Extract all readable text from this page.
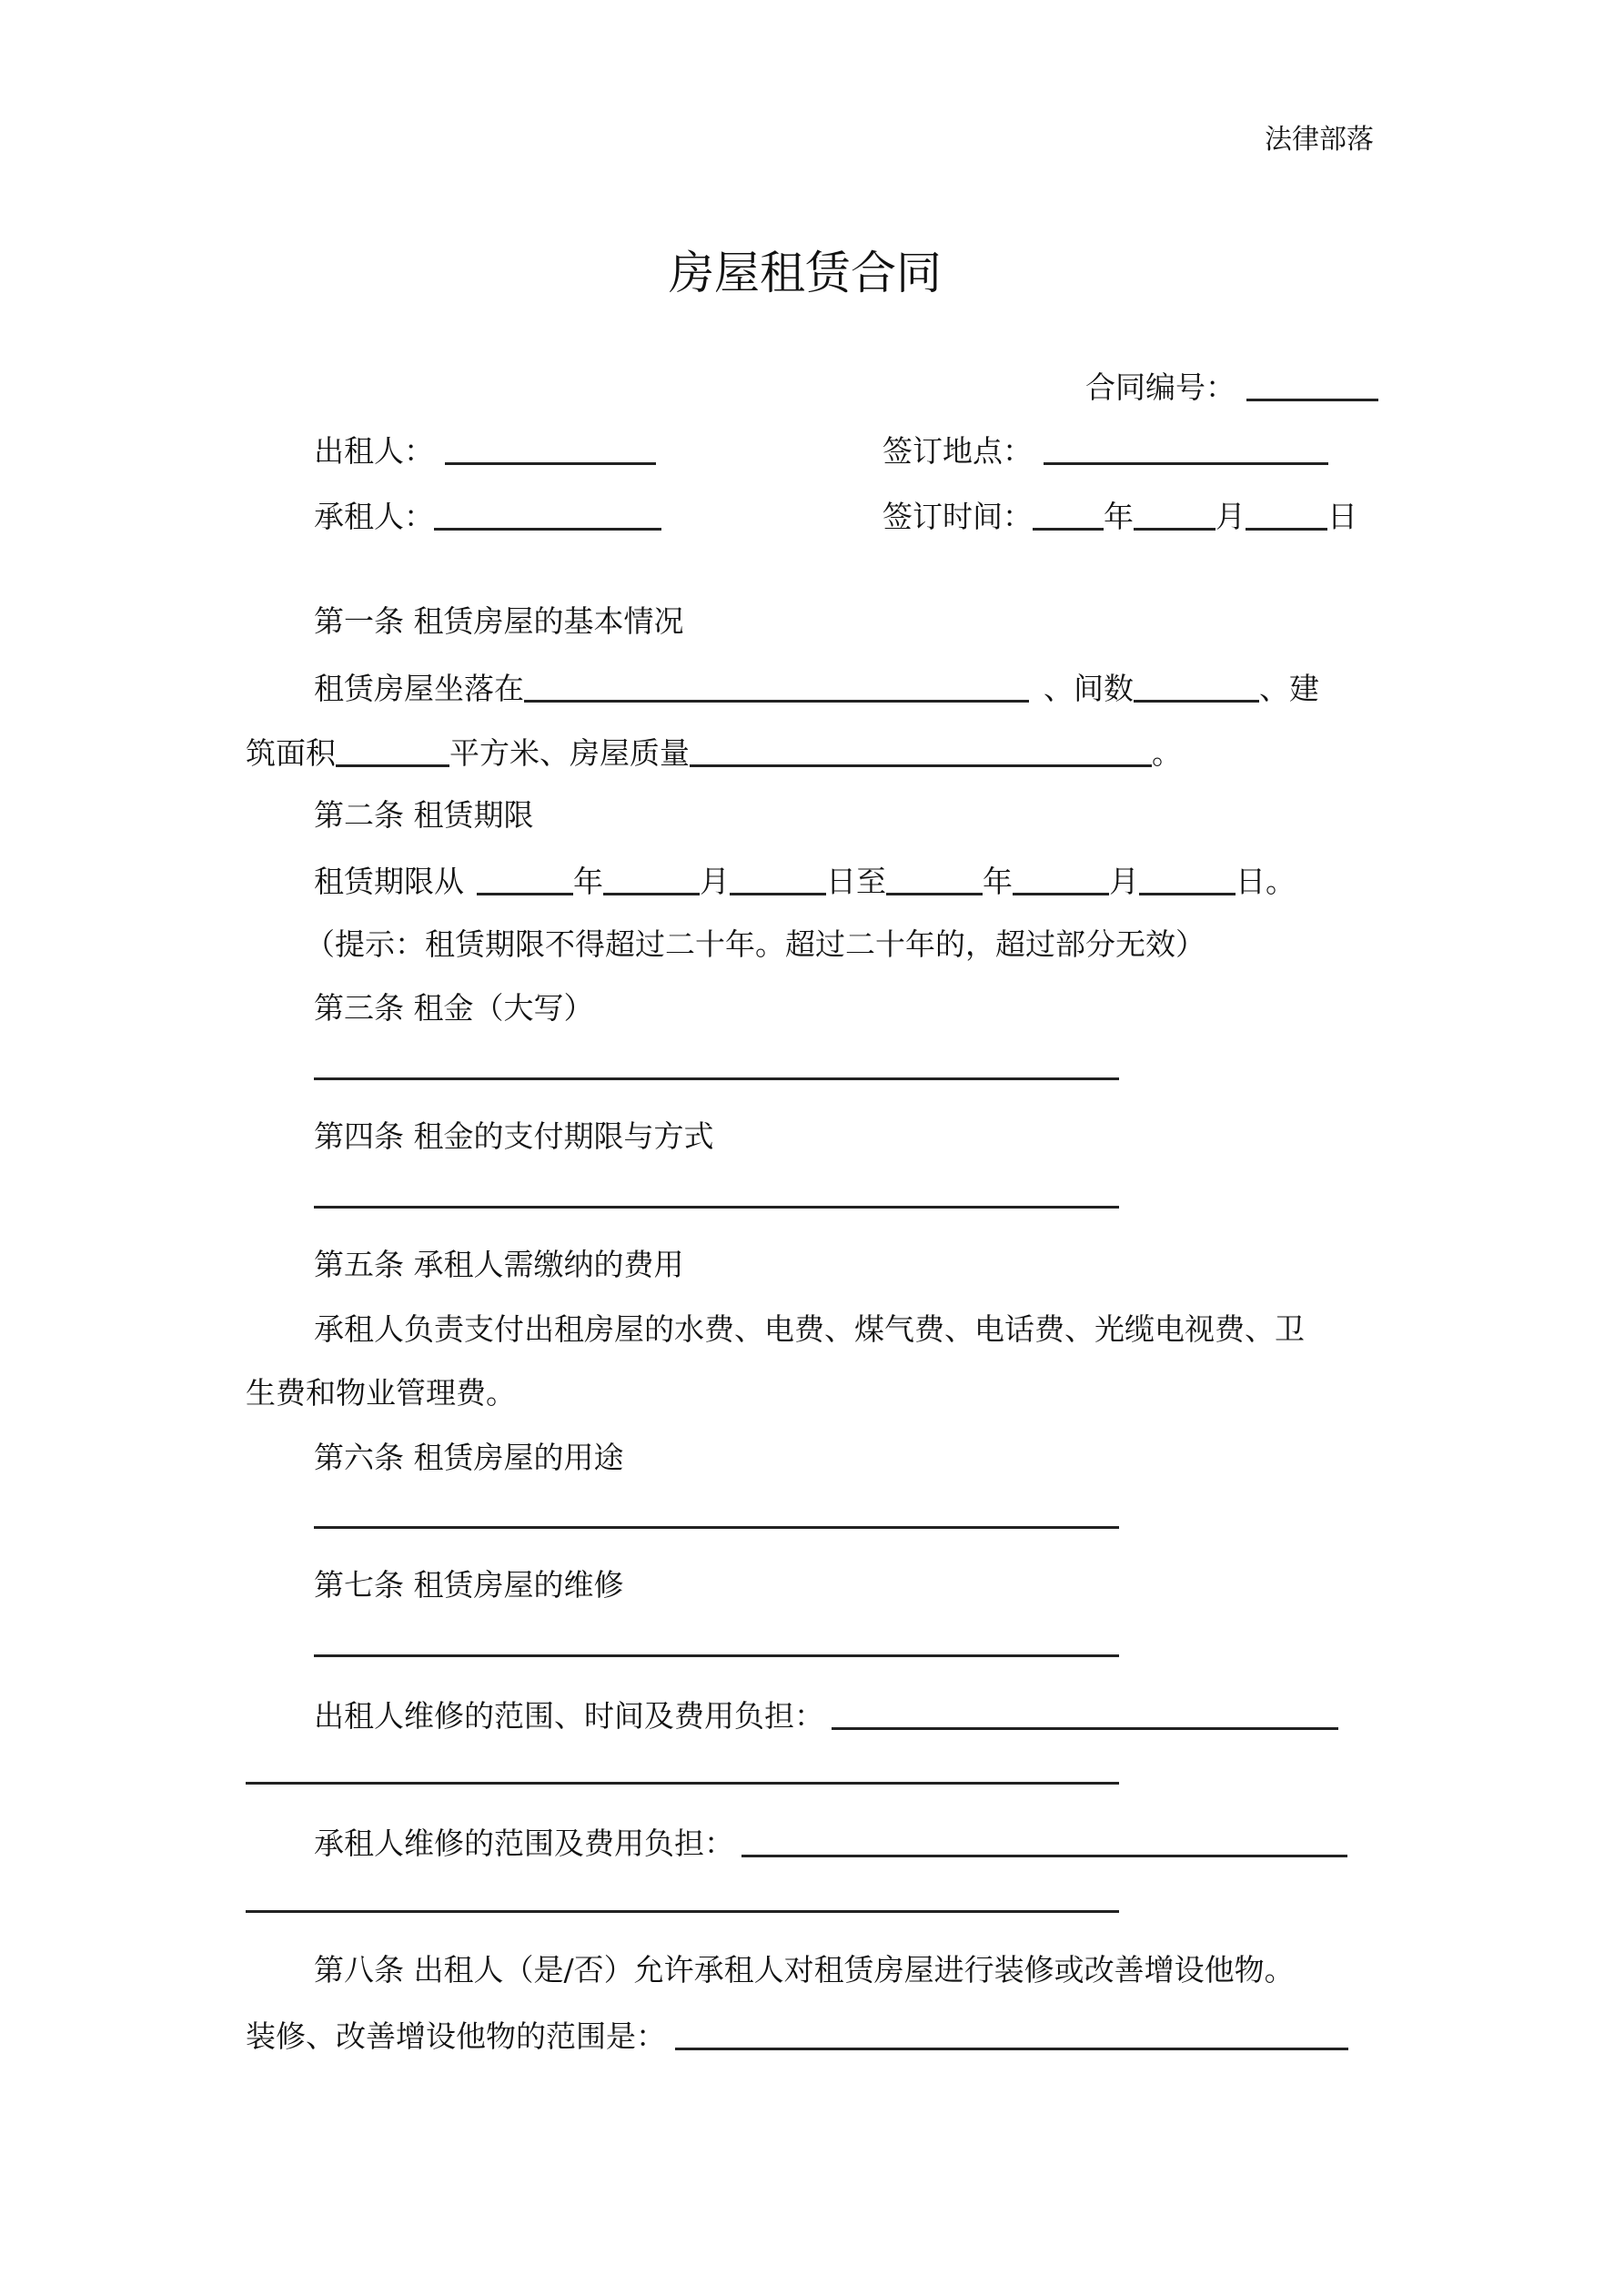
法律部落
房屋租赁合同
合同编号：
出租人：	签订地点：
承租人：	签订时间： 年	月	日
第一条 租赁房屋的基本情况
租赁房屋坐落在	、间数	、建
筑面积	平方米、房屋质量	。
第二条 租赁期限
租赁期限从	年	月	日至	年	月	日。
（提示：租赁期限不得超过二十年。超过二十年的，超过部分无效）
第三条 租金（大写）
第四条 租金的支付期限与方式
第五条 承租人需缴纳的费用
承租人负责支付出租房屋的水费、电费、煤气费、电话费、光缆电视费、卫
生费和物业管理费。
第六条 租赁房屋的用途
第七条 租赁房屋的维修
出租人维修的范围、时间及费用负担：
承租人维修的范围及费用负担：
第八条 出租人（是/否）允许承租人对租赁房屋进行装修或改善增设他物。
装修、改善增设他物的范围是：
